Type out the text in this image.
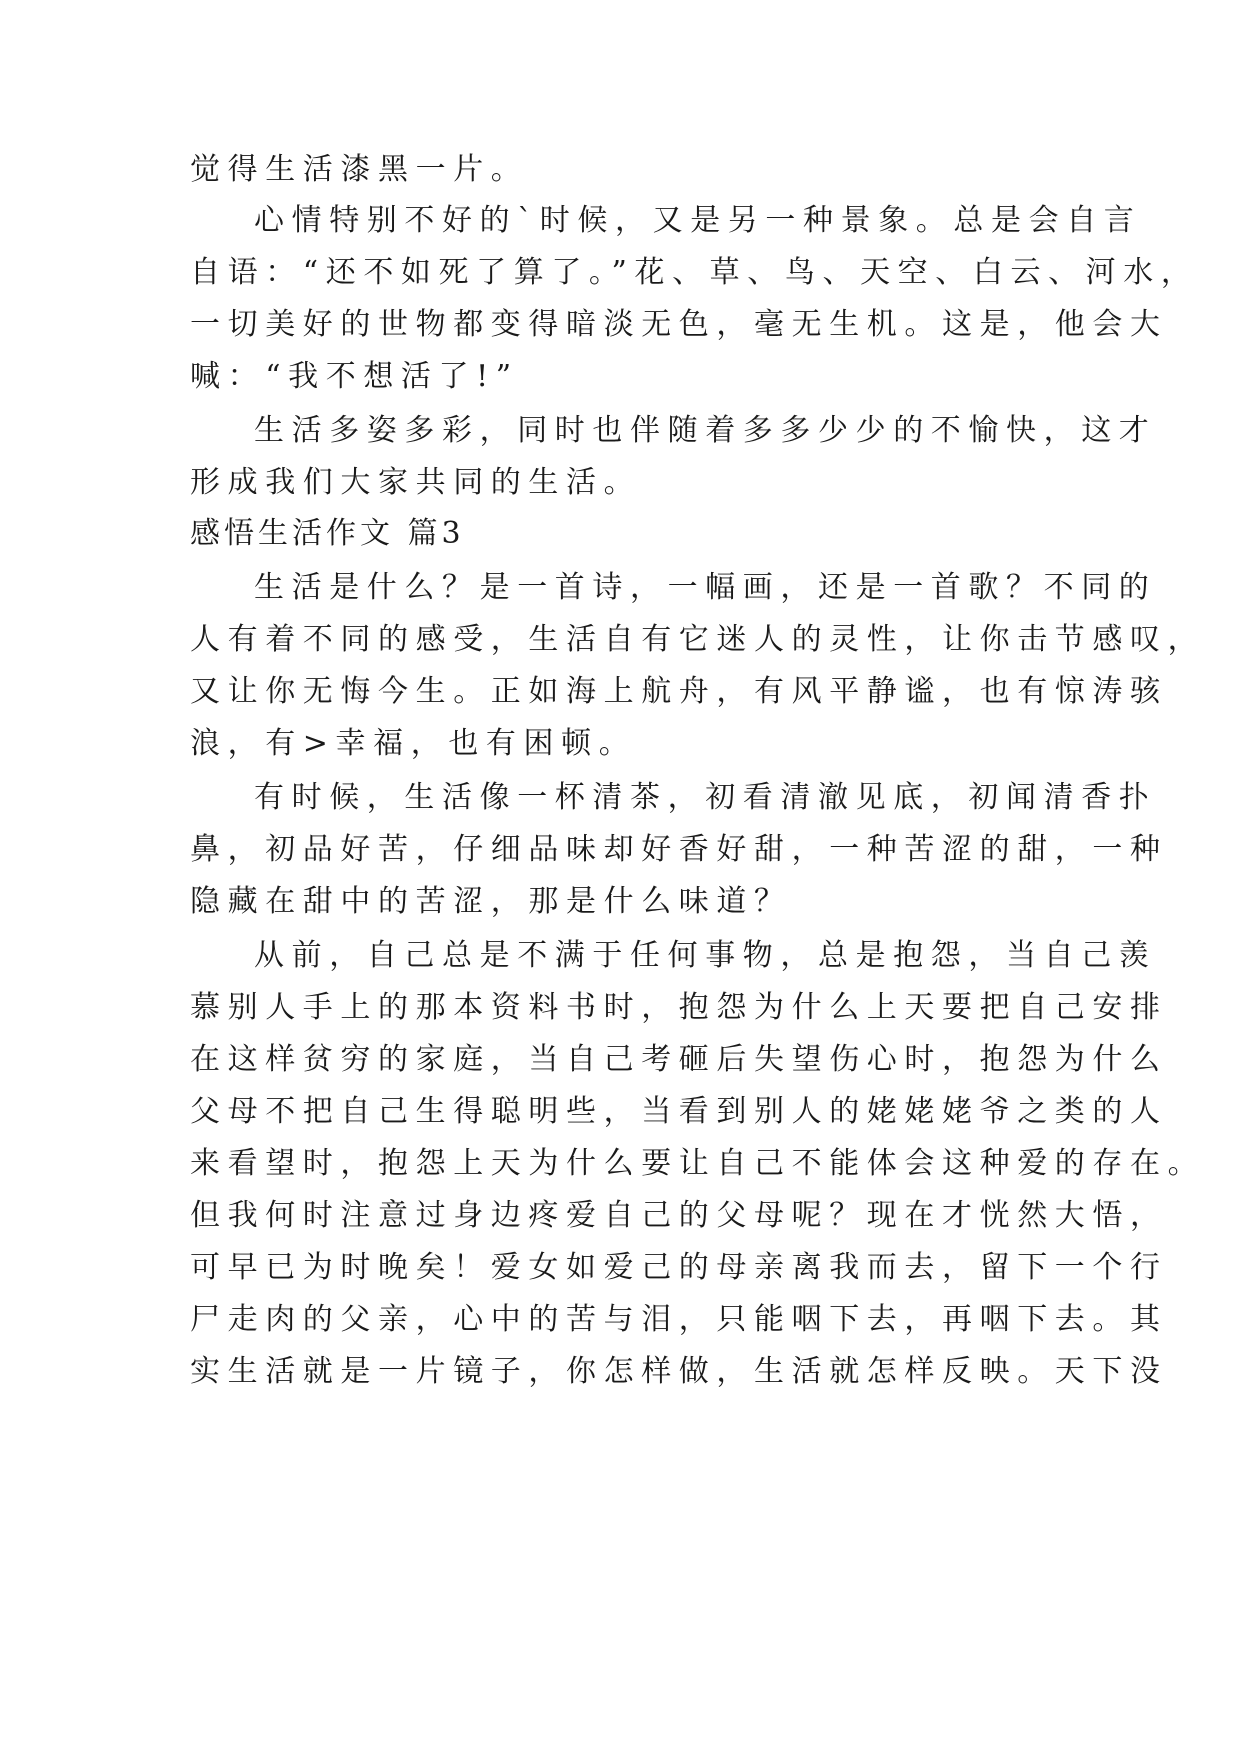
觉得生活漆黑一片。
心情特别不好的`时候，又是另一种景象。总是会自言
自语：“还不如死了算了。”花、草、鸟、天空、白云、河水，
一切美好的世物都变得暗淡无色，毫无生机。这是，他会大
喊：“我不想活了!”
生活多姿多彩，同时也伴随着多多少少的不愉快，这才
形成我们大家共同的生活。
感悟生活作文 篇3
生活是什么？是一首诗，一幅画，还是一首歌？不同的
人有着不同的感受，生活自有它迷人的灵性，让你击节感叹，
又让你无悔今生。正如海上航舟，有风平静谧，也有惊涛骇
浪，有>幸福，也有困顿。
有时候，生活像一杯清茶，初看清澈见底，初闻清香扑
鼻，初品好苦，仔细品味却好香好甜，一种苦涩的甜，一种
隐藏在甜中的苦涩，那是什么味道？
从前，自己总是不满于任何事物，总是抱怨，当自己羡
慕别人手上的那本资料书时，抱怨为什么上天要把自己安排
在这样贫穷的家庭，当自己考砸后失望伤心时，抱怨为什么
父母不把自己生得聪明些，当看到别人的姥姥姥爷之类的人
来看望时，抱怨上天为什么要让自己不能体会这种爱的存在。
但我何时注意过身边疼爱自己的父母呢？现在才恍然大悟，
可早已为时晚矣！爱女如爱己的母亲离我而去，留下一个行
尸走肉的父亲，心中的苦与泪，只能咽下去，再咽下去。其
实生活就是一片镜子，你怎样做，生活就怎样反映。天下没
